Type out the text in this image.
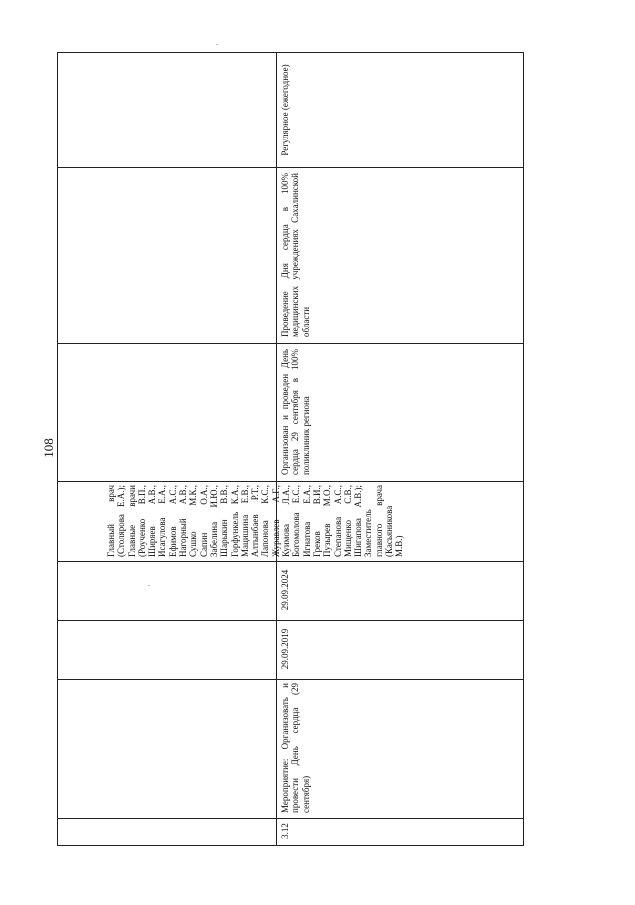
108
Регулярное (ежегодное)
Проведение Дня сердца в 100% медицинских учреждениях Сахалинской области
Организован и проведен День сердца 29 сентября в 100% поликлиник региона
Главный врач (Столярова Е.А.); Главные врачи (Роученко В.П., Ширяев А.В., Исагулова Е.А., Ефимов А.С., Нагорный А.В., Сушко М.К., Сапин О.А., Забелина И.Ю., Шарыкин В.В., Горфункель К.А., Мацишина Е.В., Алтынбаев Р.Т., Лапонова К.С., Журавлев А.Г., Куимова Л.А., Богомолова Е.С., Игнатова Е.А., Греков В.И., Пузырев М.О., Степанова А.С., Мищенко С.В., Шигапова А.В.); Заместитель главного врача (Касьяникова М.В.)
29.09.2024
29.09.2019
Мероприятие: Организовать и провести День сердца (29 сентября)
3.12
